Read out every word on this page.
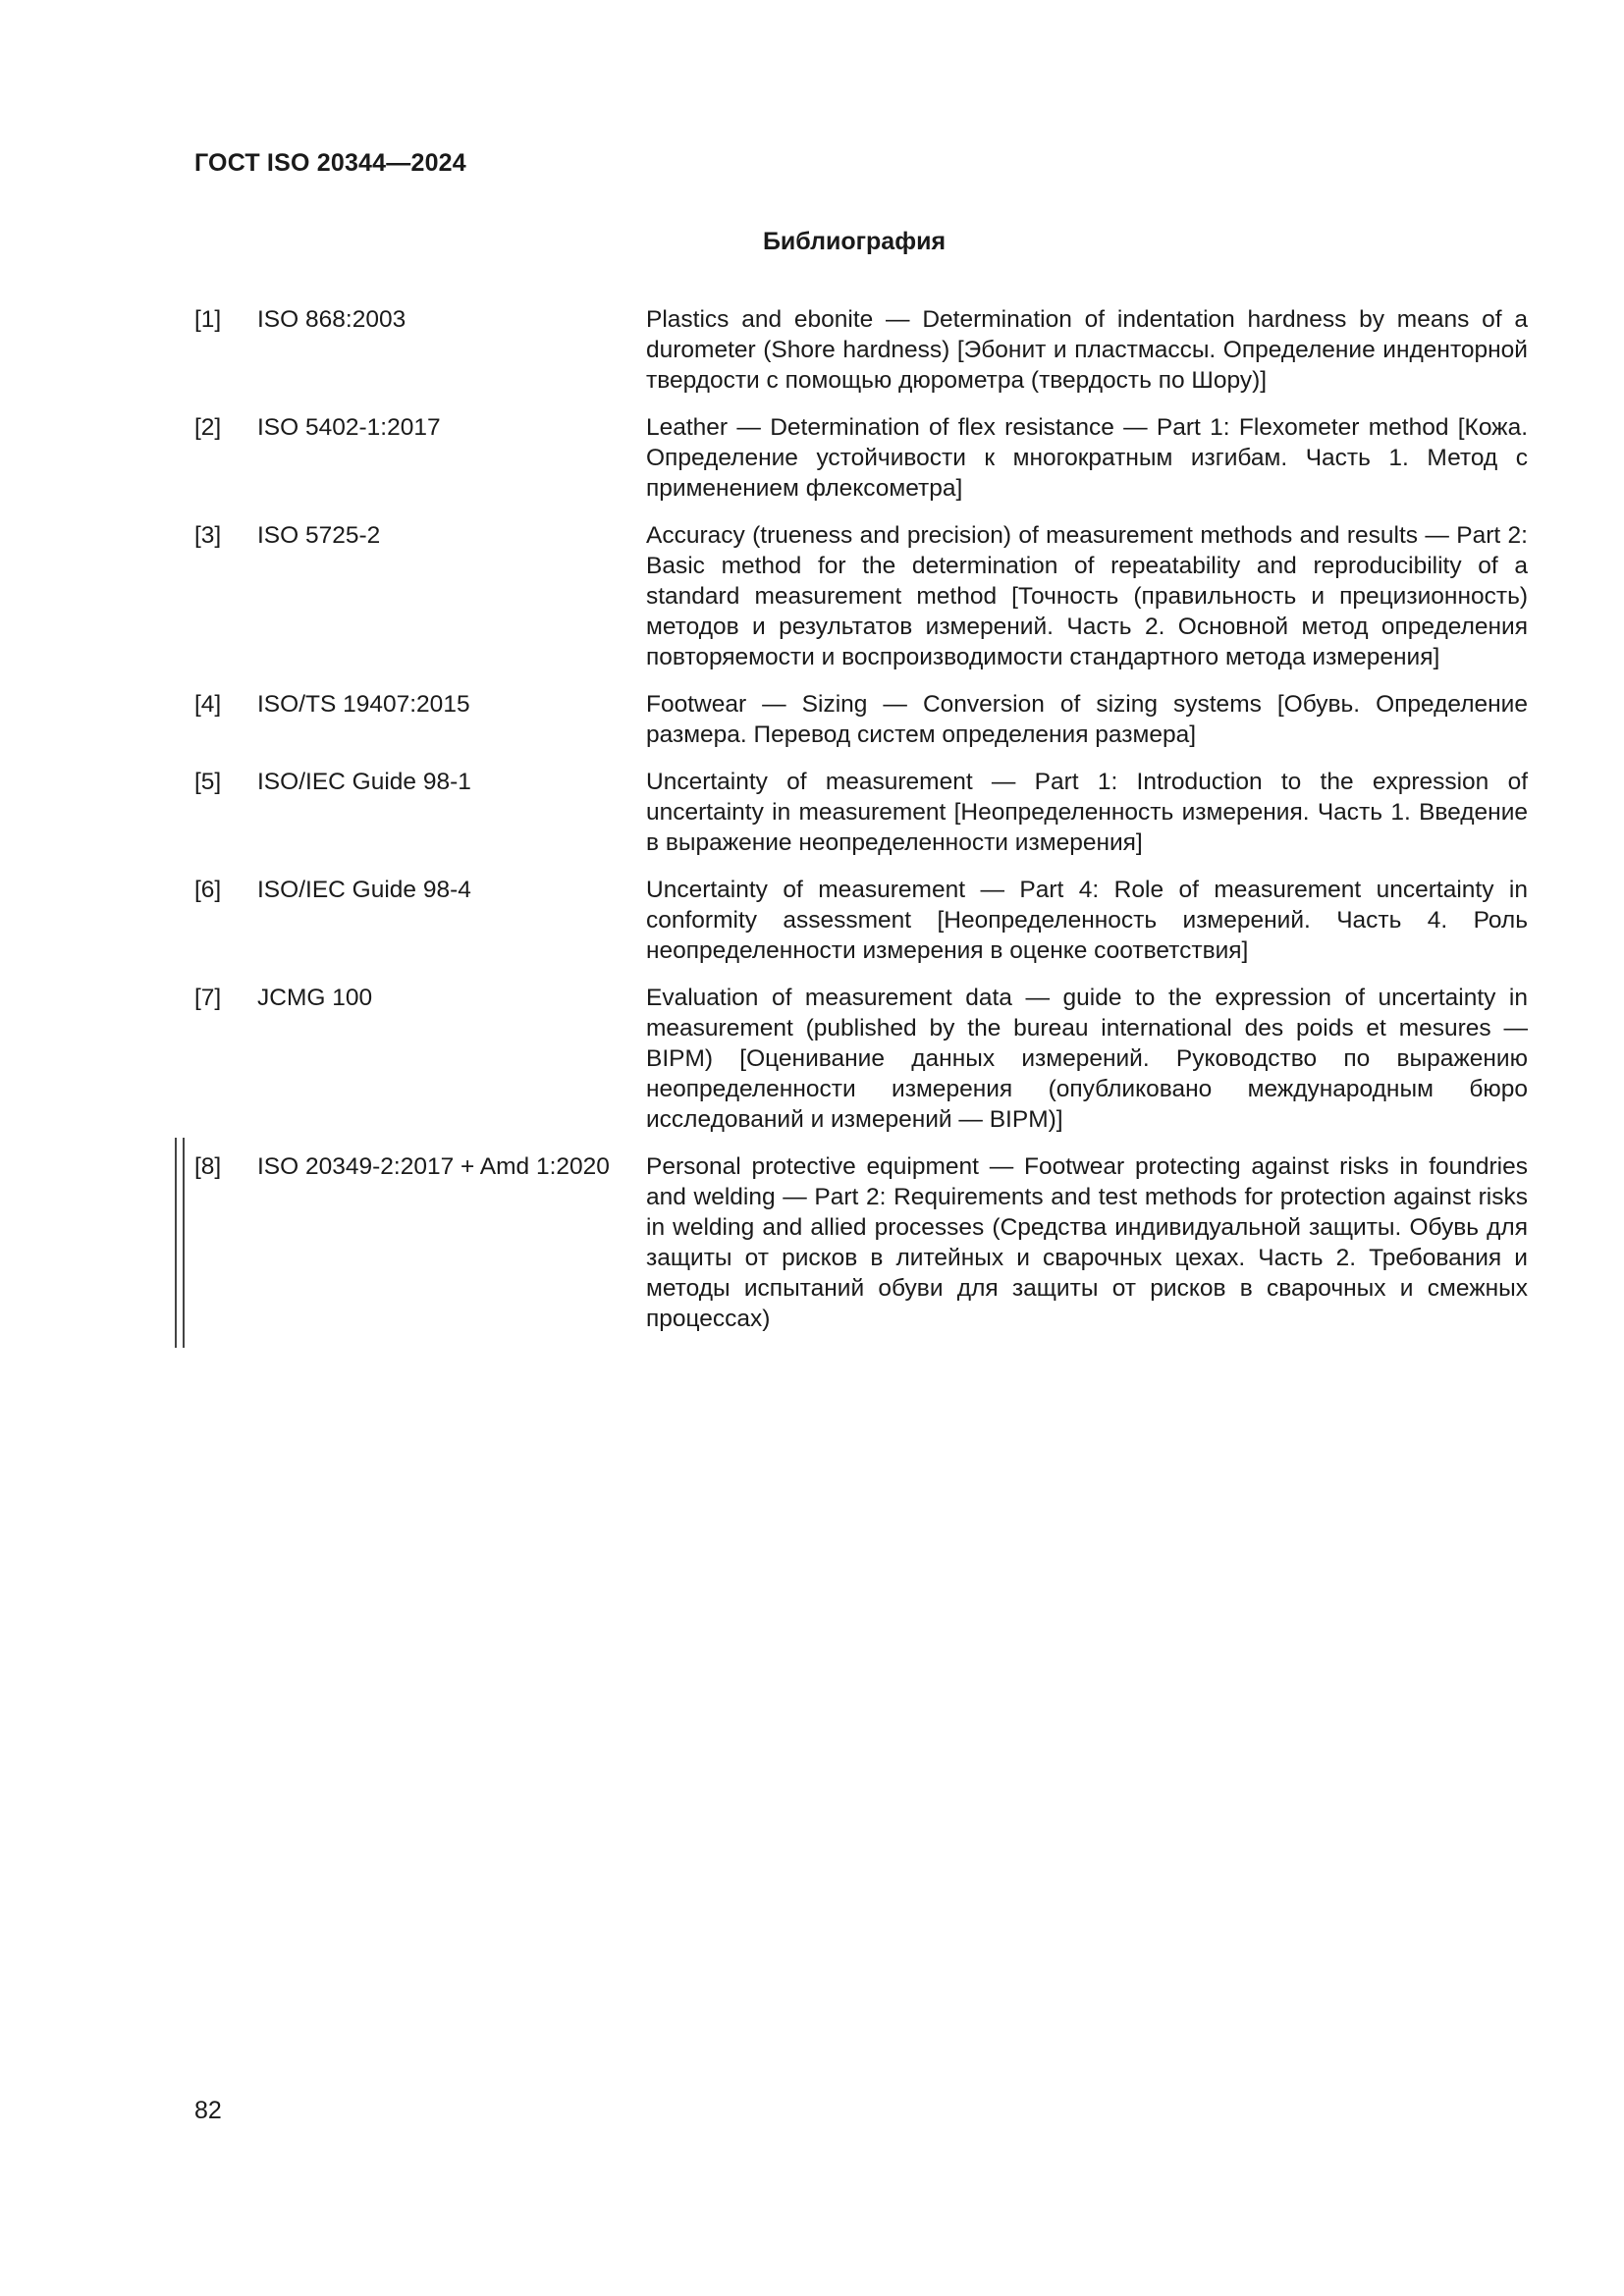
ГОСТ ISO 20344—2024
Библиография
[1]	ISO 868:2003	Plastics and ebonite — Determination of indentation hardness by means of a durometer (Shore hardness) [Эбонит и пластмассы. Определение инденторной твердости с помощью дюрометра (твердость по Шору)]
[2]	ISO 5402-1:2017	Leather — Determination of flex resistance — Part 1: Flexometer method [Кожа. Определение устойчивости к многократным изгибам. Часть 1. Метод с применением флексометра]
[3]	ISO 5725-2	Accuracy (trueness and precision) of measurement methods and results — Part 2: Basic method for the determination of repeatability and reproducibility of a standard measurement method [Точность (правильность и прецизионность) методов и результатов измерений. Часть 2. Основной метод определения повторяемости и воспроизводимости стандартного метода измерения]
[4]	ISO/TS 19407:2015	Footwear — Sizing — Conversion of sizing systems [Обувь. Определение размера. Перевод систем определения размера]
[5]	ISO/IEC Guide 98-1	Uncertainty of measurement — Part 1: Introduction to the expression of uncertainty in measurement [Неопределенность измерения. Часть 1. Введение в выражение неопределенности измерения]
[6]	ISO/IEC Guide 98-4	Uncertainty of measurement — Part 4: Role of measurement uncertainty in conformity assessment [Неопределенность измерений. Часть 4. Роль неопределенности измерения в оценке соответствия]
[7]	JCMG 100	Evaluation of measurement data — guide to the expression of uncertainty in measurement (published by the bureau international des poids et mesures — BIPM) [Оценивание данных измерений. Руководство по выражению неопределенности измерения (опубликовано международным бюро исследований и измерений — BIPM)]
[8]	ISO 20349-2:2017 + Amd 1:2020	Personal protective equipment — Footwear protecting against risks in foundries and welding — Part 2: Requirements and test methods for protection against risks in welding and allied processes (Средства индивидуальной защиты. Обувь для защиты от рисков в литейных и сварочных цехах. Часть 2. Требования и методы испытаний обуви для защиты от рисков в сварочных и смежных процессах)

82
